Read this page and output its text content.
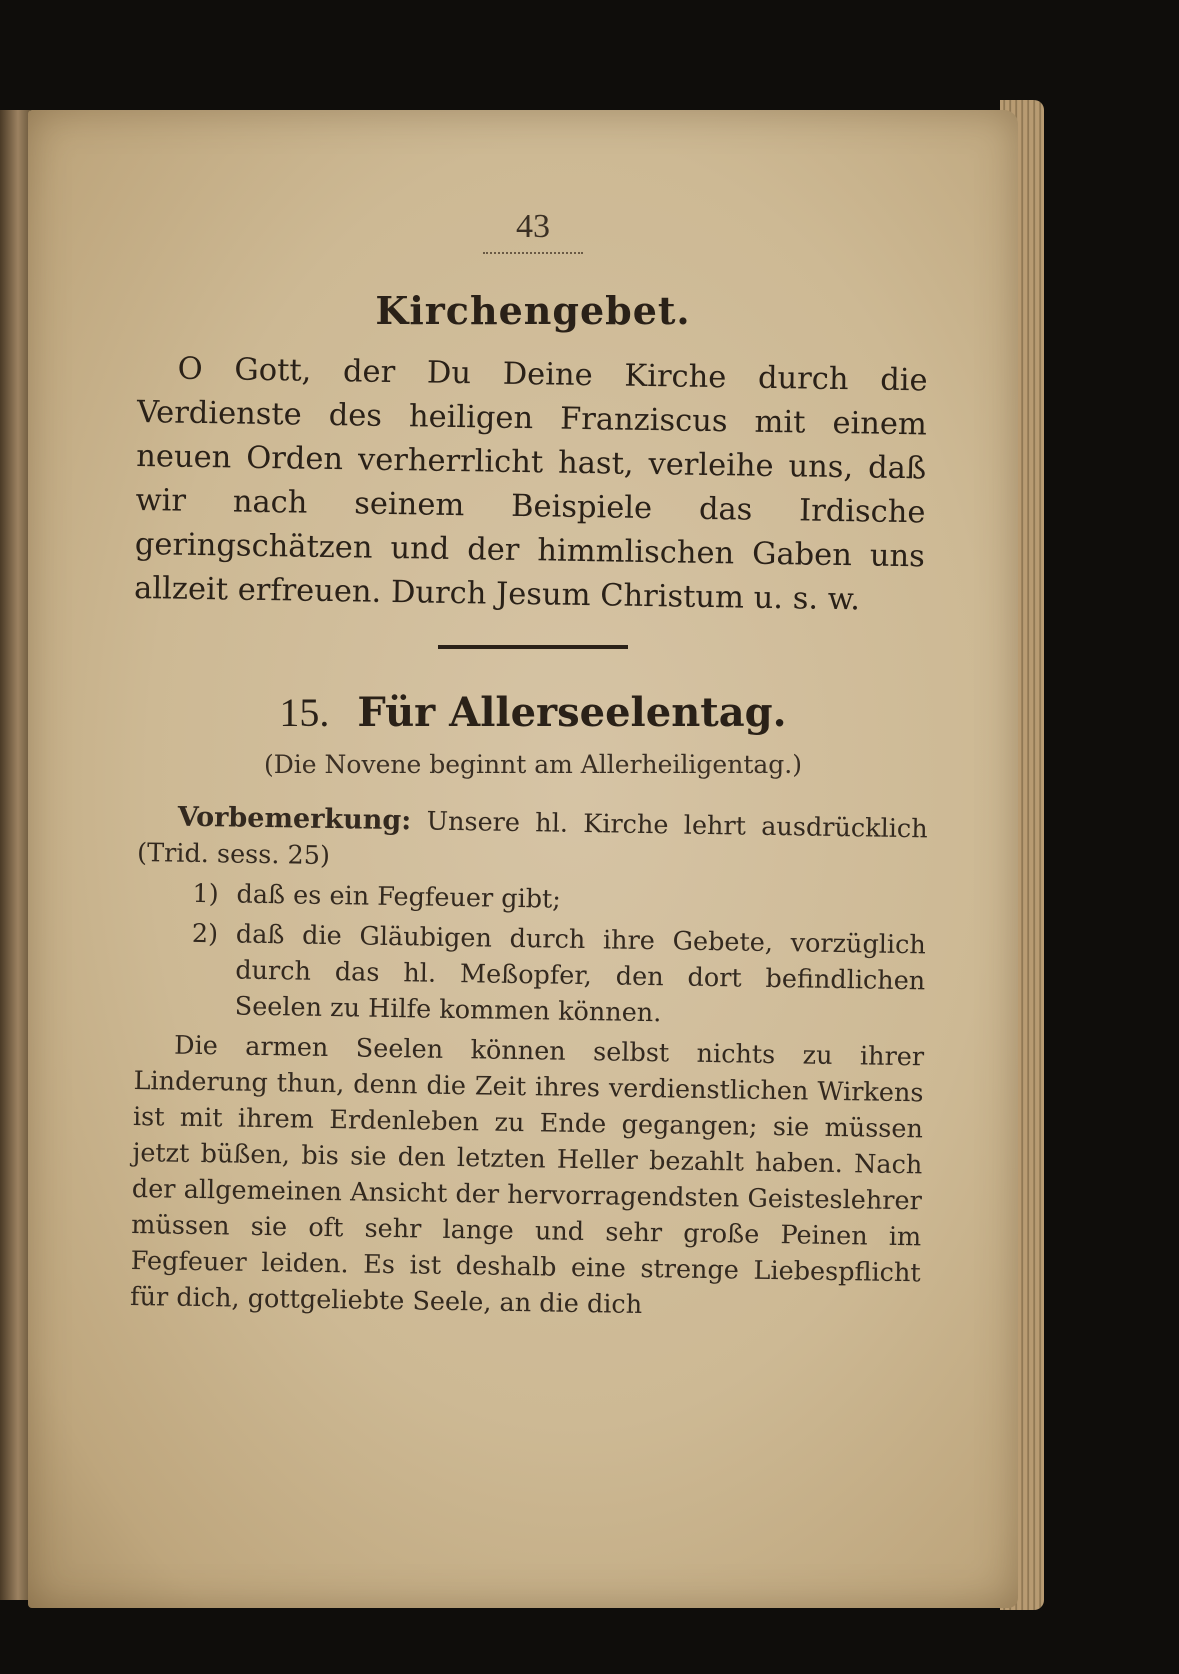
43

Kirchengebet.

O Gott, der Du Deine Kirche durch die Verdienste des heiligen Franziscus mit einem neuen Orden verherrlicht hast, verleihe uns, daß wir nach seinem Beispiele das Irdische geringschätzen und der himmlischen Gaben uns allzeit erfreuen. Durch Jesum Christum u. s. w.

15. Für Allerseelentag.

(Die Novene beginnt am Allerheiligentag.)

Vorbemerkung: Unsere hl. Kirche lehrt ausdrücklich (Trid. sess. 25)

1) daß es ein Fegfeuer gibt;

2) daß die Gläubigen durch ihre Gebete, vorzüglich durch das hl. Meßopfer, den dort befindlichen Seelen zu Hilfe kommen können.

Die armen Seelen können selbst nichts zu ihrer Linderung thun, denn die Zeit ihres verdienstlichen Wirkens ist mit ihrem Erdenleben zu Ende gegangen; sie müssen jetzt büßen, bis sie den letzten Heller bezahlt haben. Nach der allgemeinen Ansicht der hervorragendsten Geisteslehrer müssen sie oft sehr lange und sehr große Peinen im Fegfeuer leiden. Es ist deshalb eine strenge Liebespflicht für dich, gottgeliebte Seele, an die dich
